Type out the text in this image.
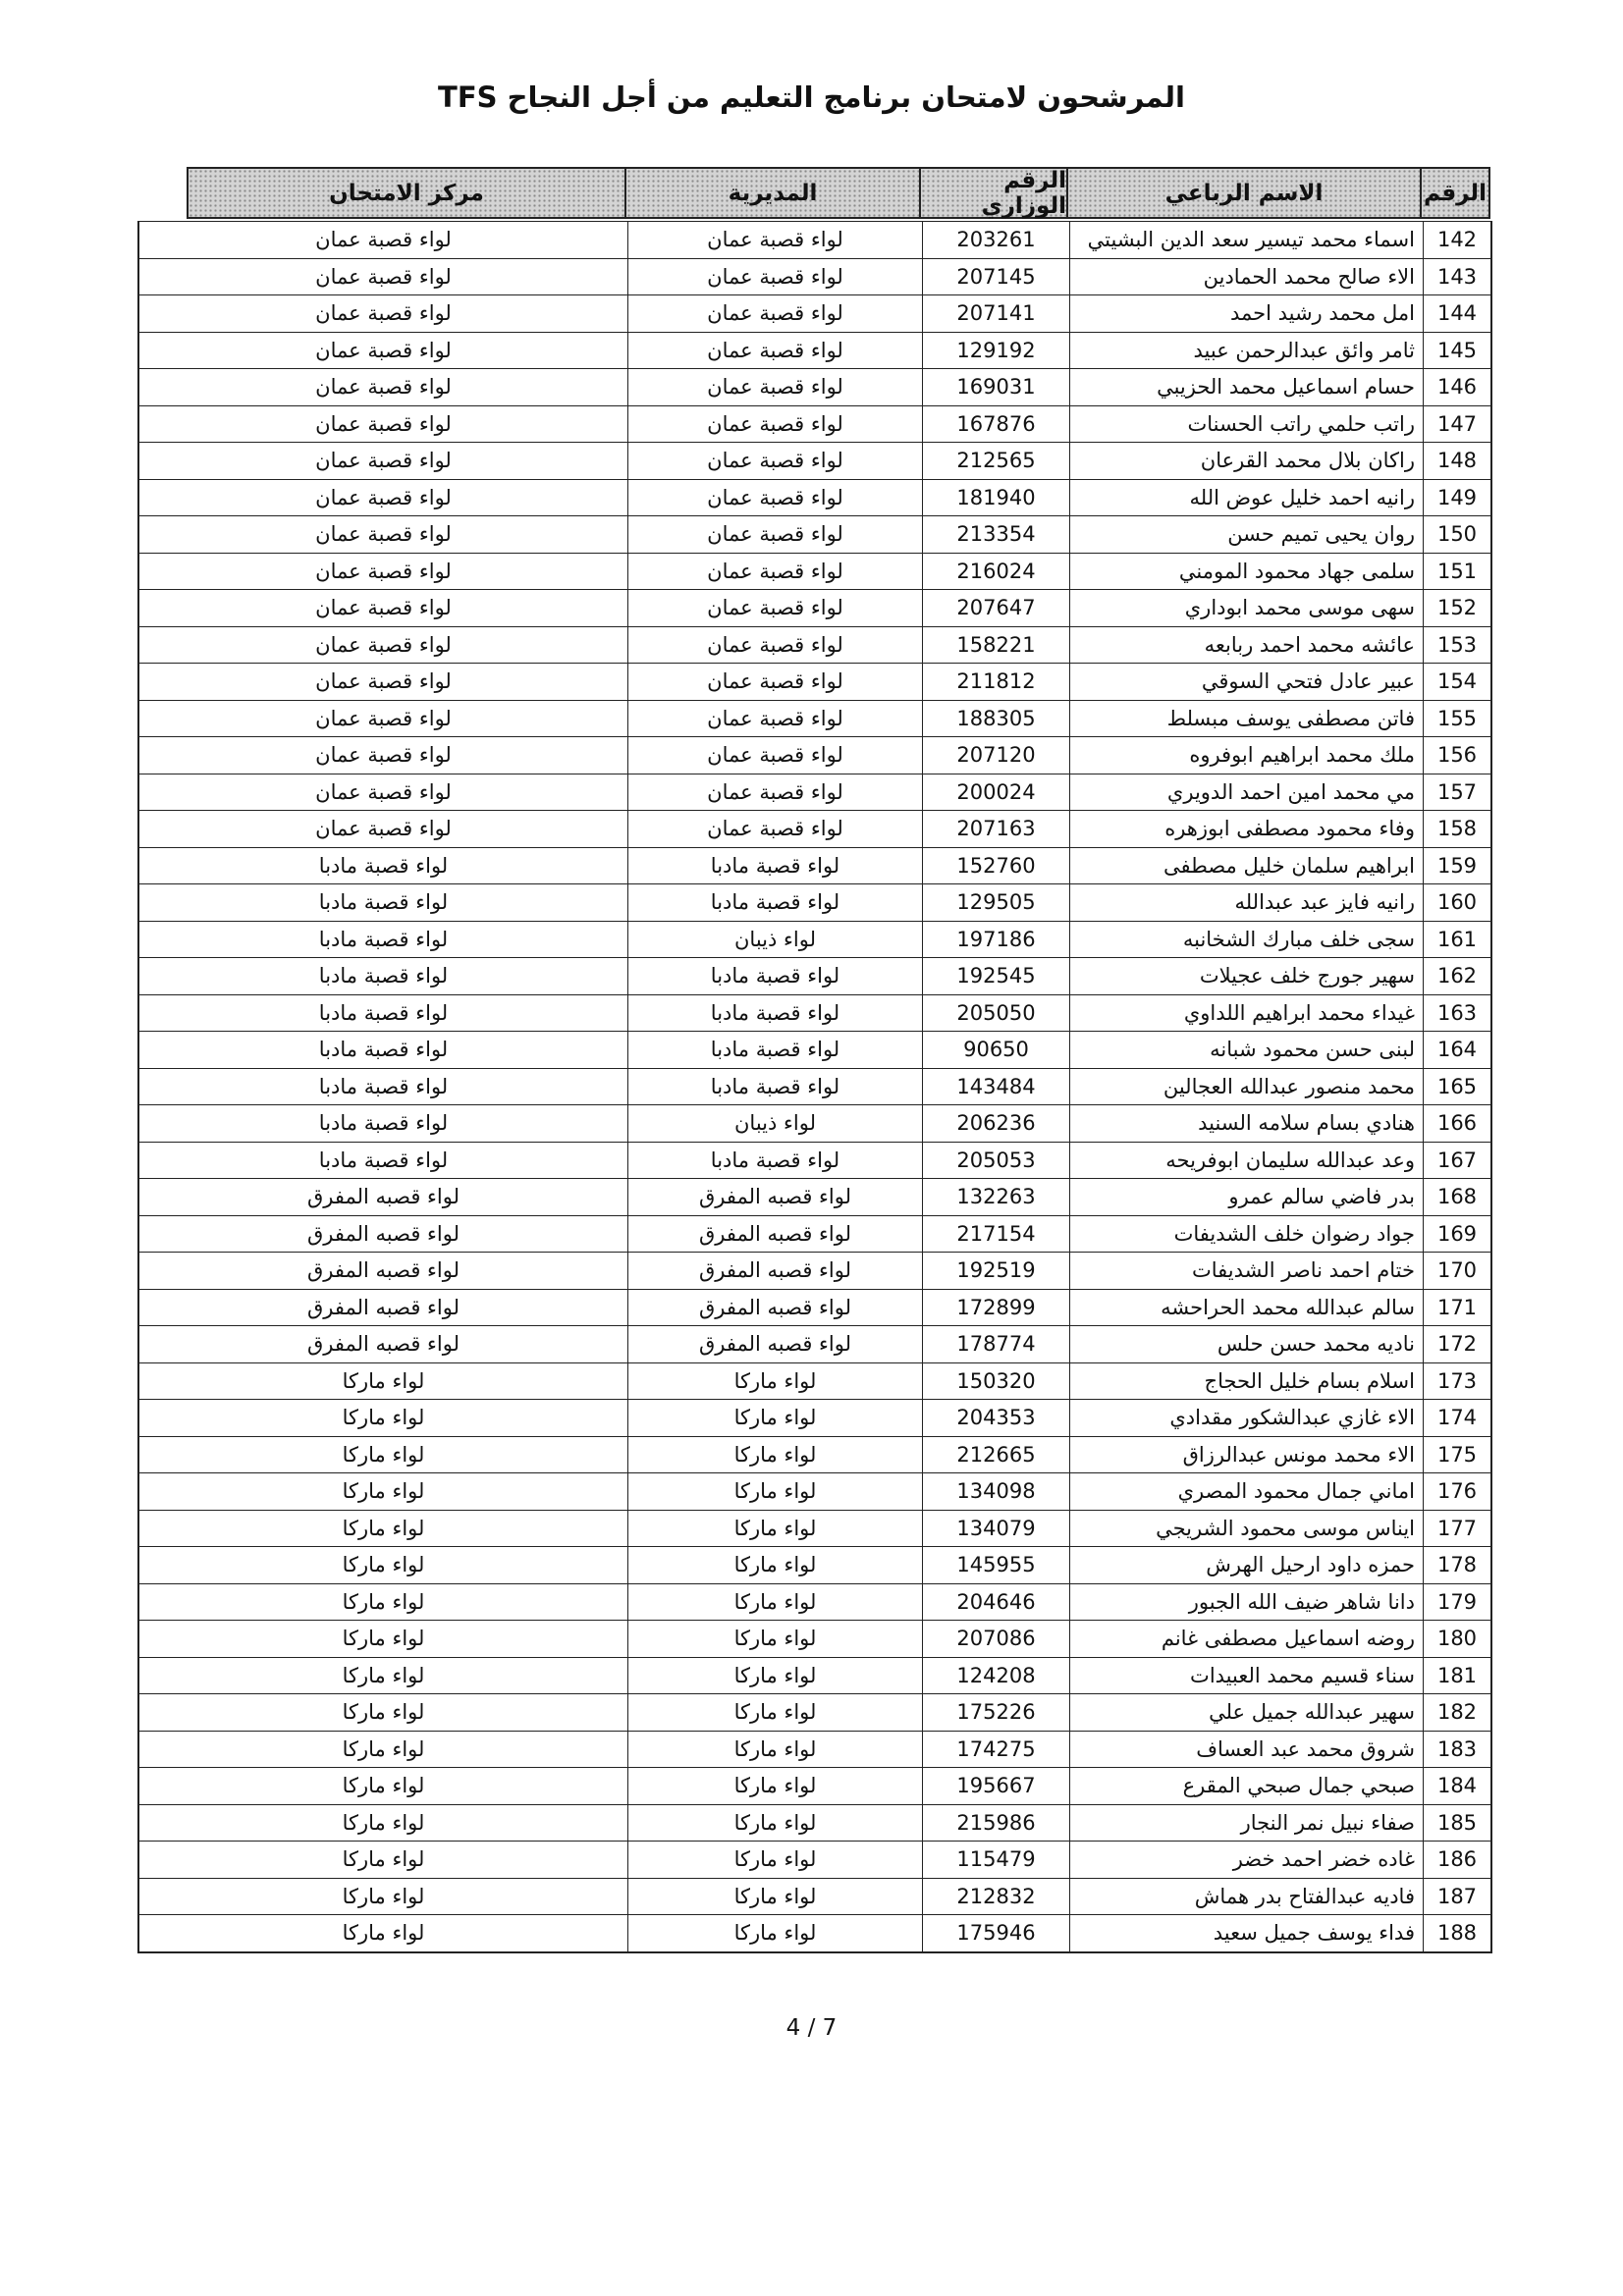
المرشحون لامتحان برنامج التعليم من أجل النجاح TFS
الرقم
الاسم الرباعي
الرقم الوزاري
المديرية
مركز الامتحان
142
اسماء محمد تيسير سعد الدين البشيتي
203261
لواء قصبة عمان
لواء قصبة عمان
143
الاء صالح محمد الحمادين
207145
لواء قصبة عمان
لواء قصبة عمان
144
امل محمد رشيد احمد
207141
لواء قصبة عمان
لواء قصبة عمان
145
ثامر وائق عبدالرحمن عبيد
129192
لواء قصبة عمان
لواء قصبة عمان
146
حسام اسماعيل محمد الحزيبي
169031
لواء قصبة عمان
لواء قصبة عمان
147
راتب حلمي راتب الحسنات
167876
لواء قصبة عمان
لواء قصبة عمان
148
راكان بلال محمد القرعان
212565
لواء قصبة عمان
لواء قصبة عمان
149
رانيه احمد خليل عوض الله
181940
لواء قصبة عمان
لواء قصبة عمان
150
روان يحيى تميم حسن
213354
لواء قصبة عمان
لواء قصبة عمان
151
سلمى جهاد محمود المومني
216024
لواء قصبة عمان
لواء قصبة عمان
152
سهى موسى محمد ابوداري
207647
لواء قصبة عمان
لواء قصبة عمان
153
عائشه محمد احمد ربابعه
158221
لواء قصبة عمان
لواء قصبة عمان
154
عبير عادل فتحي السوقي
211812
لواء قصبة عمان
لواء قصبة عمان
155
فاتن مصطفى يوسف مبسلط
188305
لواء قصبة عمان
لواء قصبة عمان
156
ملك محمد ابراهيم ابوفروه
207120
لواء قصبة عمان
لواء قصبة عمان
157
مي محمد امين احمد الدويري
200024
لواء قصبة عمان
لواء قصبة عمان
158
وفاء محمود مصطفى ابوزهره
207163
لواء قصبة عمان
لواء قصبة عمان
159
ابراهيم سلمان خليل مصطفى
152760
لواء قصبة مادبا
لواء قصبة مادبا
160
رانيه فايز عبد عبدالله
129505
لواء قصبة مادبا
لواء قصبة مادبا
161
سجى خلف مبارك الشخانبه
197186
لواء ذيبان
لواء قصبة مادبا
162
سهير جورج خلف عجيلات
192545
لواء قصبة مادبا
لواء قصبة مادبا
163
غيداء محمد ابراهيم اللداوي
205050
لواء قصبة مادبا
لواء قصبة مادبا
164
لبنى حسن محمود شبانه
90650
لواء قصبة مادبا
لواء قصبة مادبا
165
محمد منصور عبدالله العجالين
143484
لواء قصبة مادبا
لواء قصبة مادبا
166
هنادي بسام سلامه السنيد
206236
لواء ذيبان
لواء قصبة مادبا
167
وعد عبدالله سليمان ابوفريحه
205053
لواء قصبة مادبا
لواء قصبة مادبا
168
بدر فاضي سالم عمرو
132263
لواء قصبه المفرق
لواء قصبه المفرق
169
جواد رضوان خلف الشديفات
217154
لواء قصبه المفرق
لواء قصبه المفرق
170
ختام احمد ناصر الشديفات
192519
لواء قصبه المفرق
لواء قصبه المفرق
171
سالم عبدالله محمد الحراحشه
172899
لواء قصبه المفرق
لواء قصبه المفرق
172
ناديه محمد حسن حلس
178774
لواء قصبه المفرق
لواء قصبه المفرق
173
اسلام بسام خليل الحجاج
150320
لواء ماركا
لواء ماركا
174
الاء غازي عبدالشكور مقدادي
204353
لواء ماركا
لواء ماركا
175
الاء محمد مونس عبدالرزاق
212665
لواء ماركا
لواء ماركا
176
اماني جمال محمود المصري
134098
لواء ماركا
لواء ماركا
177
ايناس موسى محمود الشريجي
134079
لواء ماركا
لواء ماركا
178
حمزه داود ارحيل الهرش
145955
لواء ماركا
لواء ماركا
179
دانا شاهر ضيف الله الجبور
204646
لواء ماركا
لواء ماركا
180
روضه اسماعيل مصطفى غانم
207086
لواء ماركا
لواء ماركا
181
سناء قسيم محمد العبيدات
124208
لواء ماركا
لواء ماركا
182
سهير عبدالله جميل علي
175226
لواء ماركا
لواء ماركا
183
شروق محمد عبد العساف
174275
لواء ماركا
لواء ماركا
184
صبحي جمال صبحي المقرع
195667
لواء ماركا
لواء ماركا
185
صفاء نبيل نمر النجار
215986
لواء ماركا
لواء ماركا
186
غاده خضر احمد خضر
115479
لواء ماركا
لواء ماركا
187
فاديه عبدالفتاح بدر هماش
212832
لواء ماركا
لواء ماركا
188
فداء يوسف جميل سعيد
175946
لواء ماركا
لواء ماركا
4 / 7
